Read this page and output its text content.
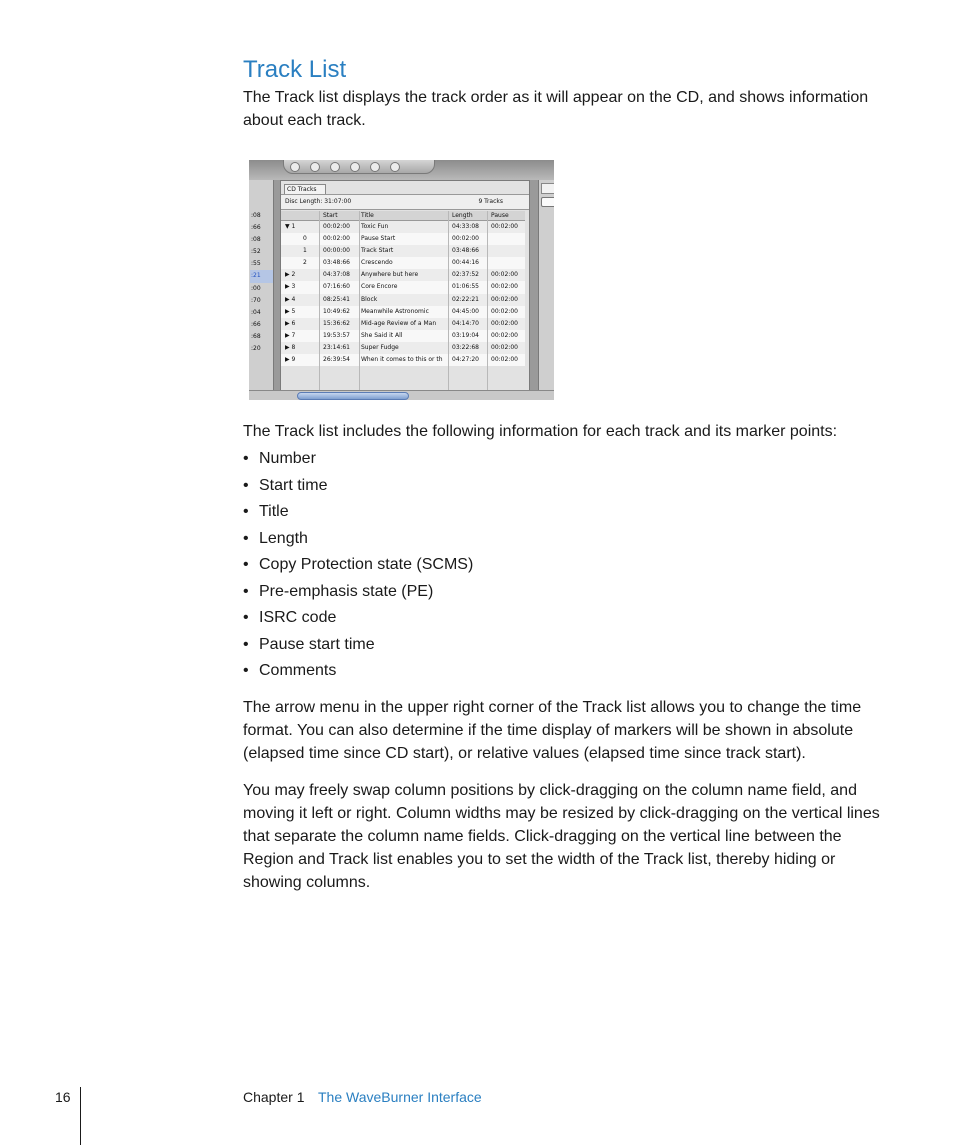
Track List

The Track list displays the track order as it will appear on the CD, and shows information about each track.

:08
:66
:08
:52
:55
:21
:00
:70
:04
:66
:68
:20
CD Tracks
Disc Length: 31:07:00	9 Tracks
Start	Title	Length	Pause
▼ 1	00:02:00	Toxic Fun	04:33:08	00:02:00
0	00:02:00	Pause Start	00:02:00
1	00:00:00	Track Start	03:48:66
2	03:48:66	Crescendo	00:44:16
▶ 2	04:37:08	Anywhere but here	02:37:52	00:02:00
▶ 3	07:16:60	Core Encore	01:06:55	00:02:00
▶ 4	08:25:41	Block	02:22:21	00:02:00
▶ 5	10:49:62	Meanwhile Astronomic	04:45:00	00:02:00
▶ 6	15:36:62	Mid-age Review of a Man	04:14:70	00:02:00
▶ 7	19:53:57	She Said it All	03:19:04	00:02:00
▶ 8	23:14:61	Super Fudge	03:22:68	00:02:00
▶ 9	26:39:54	When it comes to this or th	04:27:20	00:02:00

The Track list includes the following information for each track and its marker points:

• Number
• Start time
• Title
• Length
• Copy Protection state (SCMS)
• Pre-emphasis state (PE)
• ISRC code
• Pause start time
• Comments

The arrow menu in the upper right corner of the Track list allows you to change the time format. You can also determine if the time display of markers will be shown in absolute (elapsed time since CD start), or relative values (elapsed time since track start).

You may freely swap column positions by click-dragging on the column name field, and moving it left or right. Column widths may be resized by click-dragging on the vertical lines that separate the column name fields. Click-dragging on the vertical line between the Region and Track list enables you to set the width of the Track list, thereby hiding or showing columns.

16	Chapter 1 The WaveBurner Interface
